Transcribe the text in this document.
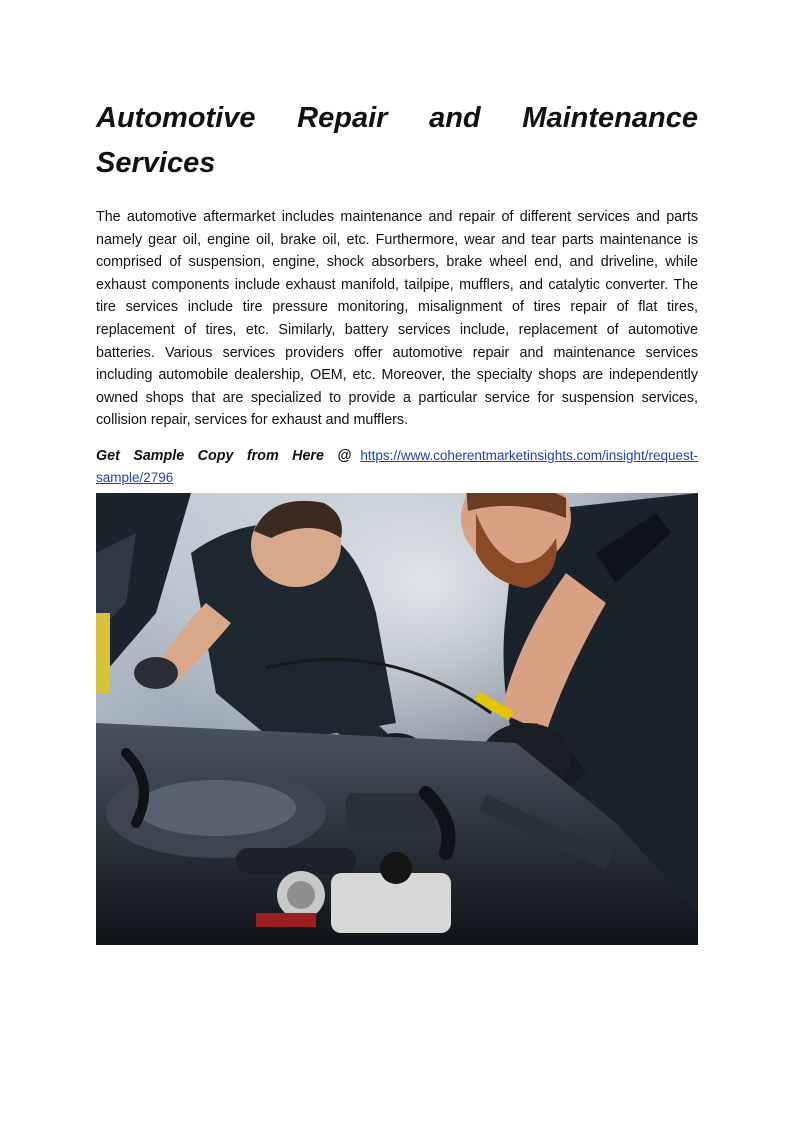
Automotive Repair and Maintenance
Services

The automotive aftermarket includes maintenance and repair of different services and parts namely gear oil, engine oil, brake oil, etc. Furthermore, wear and tear parts maintenance is comprised of suspension, engine, shock absorbers, brake wheel end, and driveline, while exhaust components include exhaust manifold, tailpipe, mufflers, and catalytic converter. The tire services include tire pressure monitoring, misalignment of tires repair of flat tires, replacement of tires, etc. Similarly, battery services include, replacement of automotive batteries. Various services providers offer automotive repair and maintenance services including automobile dealership, OEM, etc. Moreover, the specialty shops are independently owned shops that are specialized to provide a particular service for suspension services, collision repair, services for exhaust and mufflers.

Get Sample Copy from Here @ https://www.coherentmarketinsights.com/insight/request-sample/2796
